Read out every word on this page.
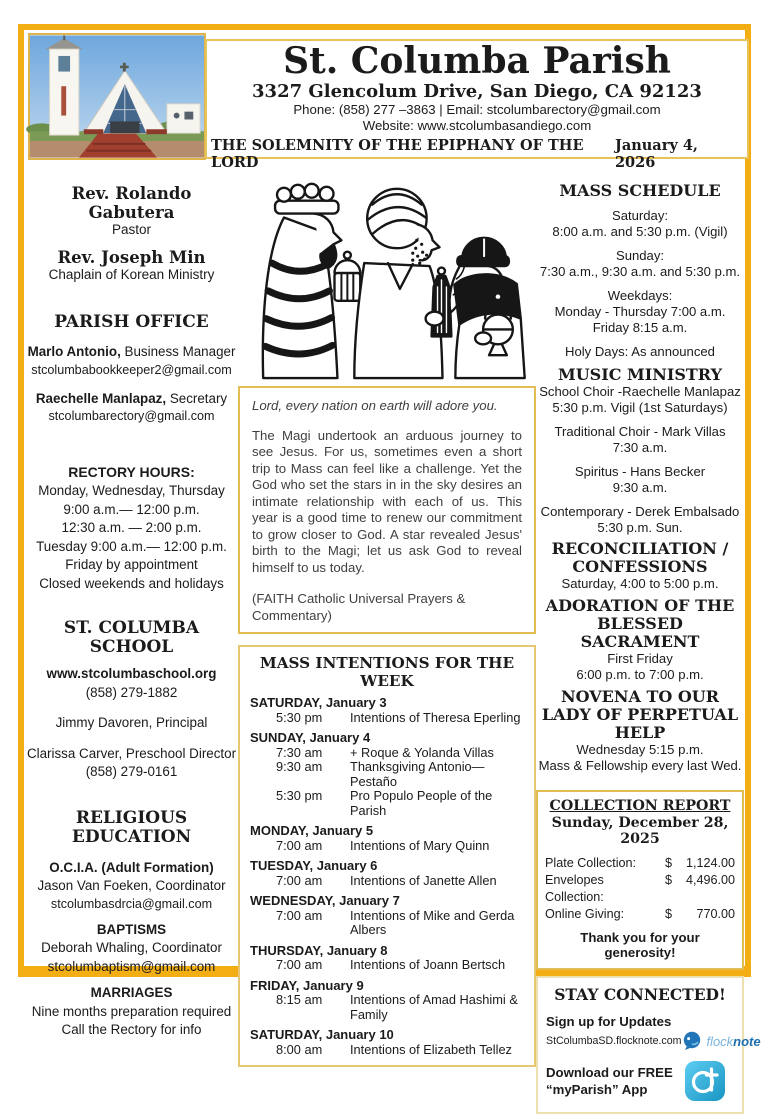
St. Columba Parish
3327 Glencolum Drive, San Diego, CA 92123
Phone: (858) 277 –3863 | Email: stcolumbarectory@gmail.com
Website: www.stcolumbasandiego.com
THE SOLEMNITY OF THE EPIPHANY OF THE LORD
January 4, 2026
Rev. Rolando Gabutera
Pastor
Rev. Joseph Min
Chaplain of Korean Ministry
PARISH OFFICE
Marlo Antonio, Business Manager
stcolumbabookkeeper2@gmail.com
Raechelle Manlapaz, Secretary
stcolumbarectory@gmail.com
RECTORY HOURS:
Monday, Wednesday, Thursday
9:00 a.m.— 12:00 p.m.
12:30 a.m. — 2:00 p.m.
Tuesday 9:00 a.m.— 12:00 p.m.
Friday by appointment
Closed weekends and holidays
ST. COLUMBA SCHOOL
www.stcolumbaschool.org
(858) 279-1882
Jimmy Davoren, Principal
Clarissa Carver, Preschool Director
(858) 279-0161
RELIGIOUS EDUCATION
O.C.I.A. (Adult Formation)
Jason Van Foeken, Coordinator
stcolumbasdrcia@gmail.com
BAPTISMS
Deborah Whaling, Coordinator
stcolumbaptism@gmail.com
MARRIAGES
Nine months preparation required
Call the Rectory for info
Lord, every nation on earth will adore you.
The Magi undertook an arduous journey to see Jesus. For us, sometimes even a short trip to Mass can feel like a challenge. Yet the God who set the stars in in the sky desires an intimate relationship with each of us. This year is a good time to renew our commitment to grow closer to God. A star revealed Jesus' birth to the Magi; let us ask God to reveal himself to us today.
(FAITH Catholic Universal Prayers & Commentary)
MASS INTENTIONS FOR THE WEEK
SATURDAY, January 3
5:30 pm	Intentions of Theresa Eperling
SUNDAY, January 4
7:30 am	+ Roque & Yolanda Villas
9:30 am	Thanksgiving Antonio—Pestaño
5:30 pm	Pro Populo People of the Parish
MONDAY, January 5
7:00 am	Intentions of Mary Quinn
TUESDAY, January 6
7:00 am	Intentions of Janette Allen
WEDNESDAY, January 7
7:00 am	Intentions of Mike and Gerda Albers
THURSDAY, January 8
7:00 am	Intentions of Joann Bertsch
FRIDAY, January 9
8:15 am	Intentions of Amad Hashimi & Family
SATURDAY, January 10
8:00 am	Intentions of Elizabeth Tellez
MASS SCHEDULE
Saturday:
8:00 a.m. and 5:30 p.m. (Vigil)
Sunday:
7:30 a.m., 9:30 a.m. and 5:30 p.m.
Weekdays:
Monday - Thursday 7:00 a.m.
Friday 8:15 a.m.
Holy Days: As announced
MUSIC MINISTRY
School Choir -Raechelle Manlapaz
5:30 p.m. Vigil (1st Saturdays)
Traditional Choir - Mark Villas
7:30 a.m.
Spiritus - Hans Becker
9:30 a.m.
Contemporary - Derek Embalsado
5:30 p.m. Sun.
RECONCILIATION / CONFESSIONS
Saturday, 4:00 to 5:00 p.m.
ADORATION OF THE BLESSED SACRAMENT
First Friday
6:00 p.m. to 7:00 p.m.
NOVENA TO OUR LADY OF PERPETUAL HELP
Wednesday 5:15 p.m.
Mass & Fellowship every last Wed.
COLLECTION REPORT
Sunday, December 28, 2025
Plate Collection:	$	1,124.00
Envelopes Collection:
$	4,496.00
Online Giving:	$	770.00
Thank you for your generosity!
STAY CONNECTED!
Sign up for Updates
StColumbaSD.flocknote.com flocknote
Download our FREE
“myParish” App
